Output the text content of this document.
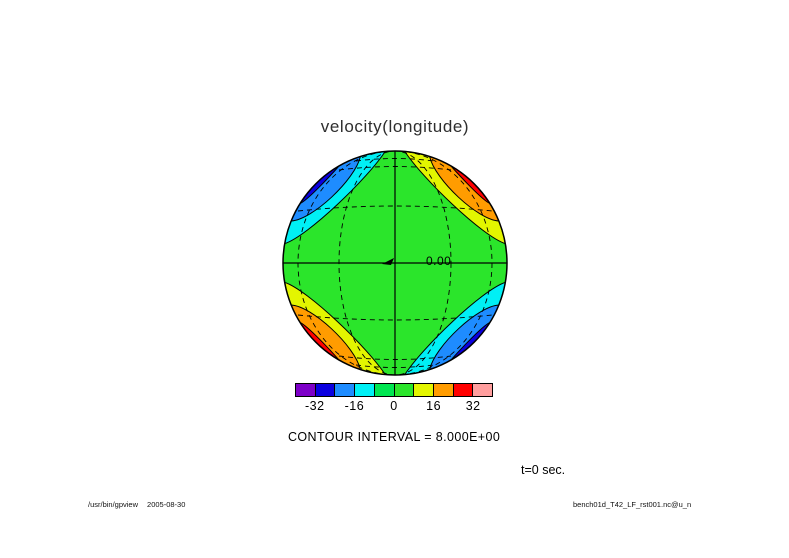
velocity(longitude)
0.00
-32 -16 0 16 32
CONTOUR INTERVAL = 8.000E+00
t=0 sec.
/usr/bin/gpview 2005-08-30	bench01d_T42_LF_rst001.nc@u_n
